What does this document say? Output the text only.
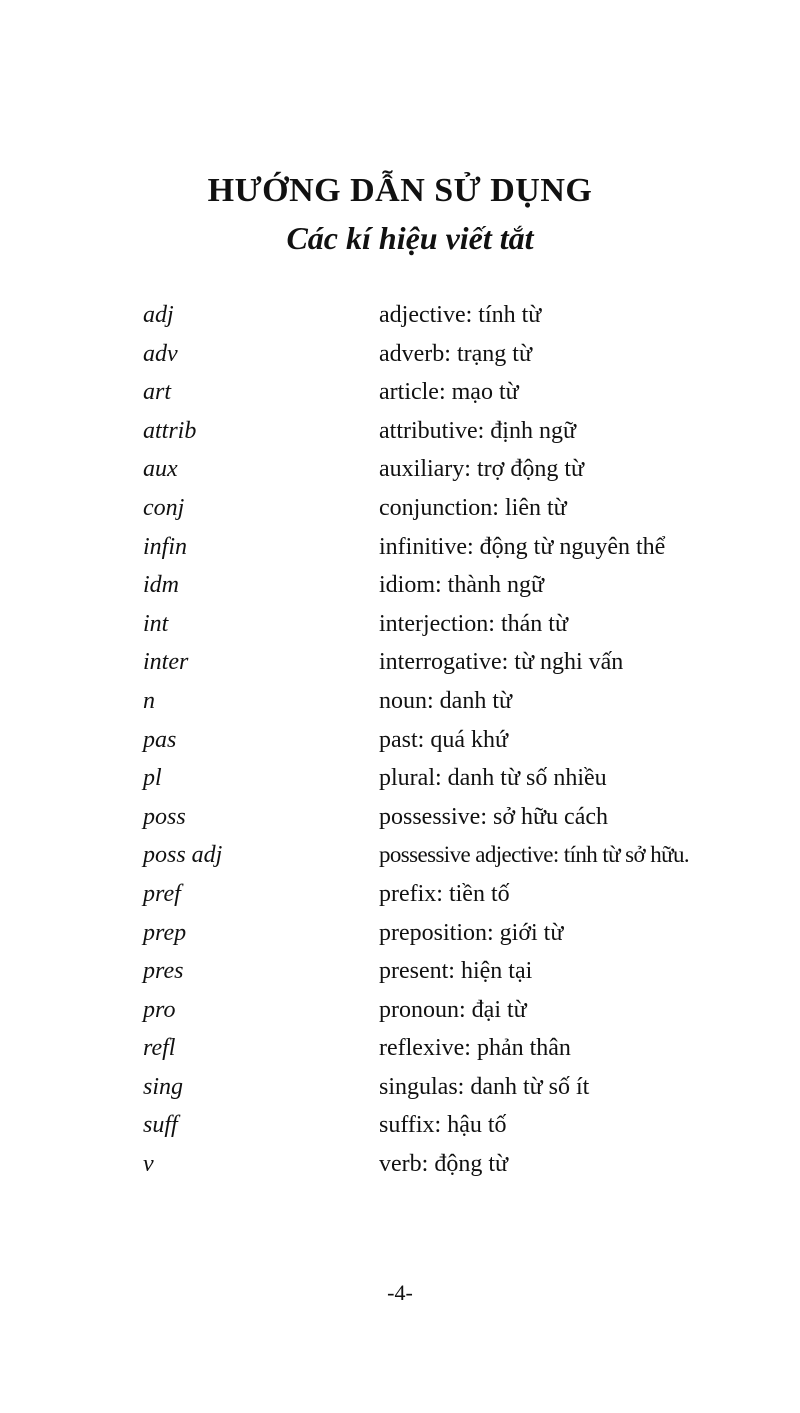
HƯỚNG DẪN SỬ DỤNG
Các kí hiệu viết tắt
adj	adjective: tính từ
adv	adverb: trạng từ
art	article: mạo từ
attrib	attributive: định ngữ
aux	auxiliary: trợ động từ
conj	conjunction: liên từ
infin	infinitive: động từ nguyên thể
idm	idiom: thành ngữ
int	interjection: thán từ
inter	interrogative: từ nghi vấn
n	noun: danh từ
pas	past: quá khứ
pl	plural: danh từ số nhiều
poss	possessive: sở hữu cách
poss adj	possessive adjective: tính từ sở hữu.
pref	prefix: tiền tố
prep	preposition: giới từ
pres	present: hiện tại
pro	pronoun: đại từ
refl	reflexive: phản thân
sing	singulas: danh từ số ít
suff	suffix: hậu tố
v	verb: động từ
-4-
